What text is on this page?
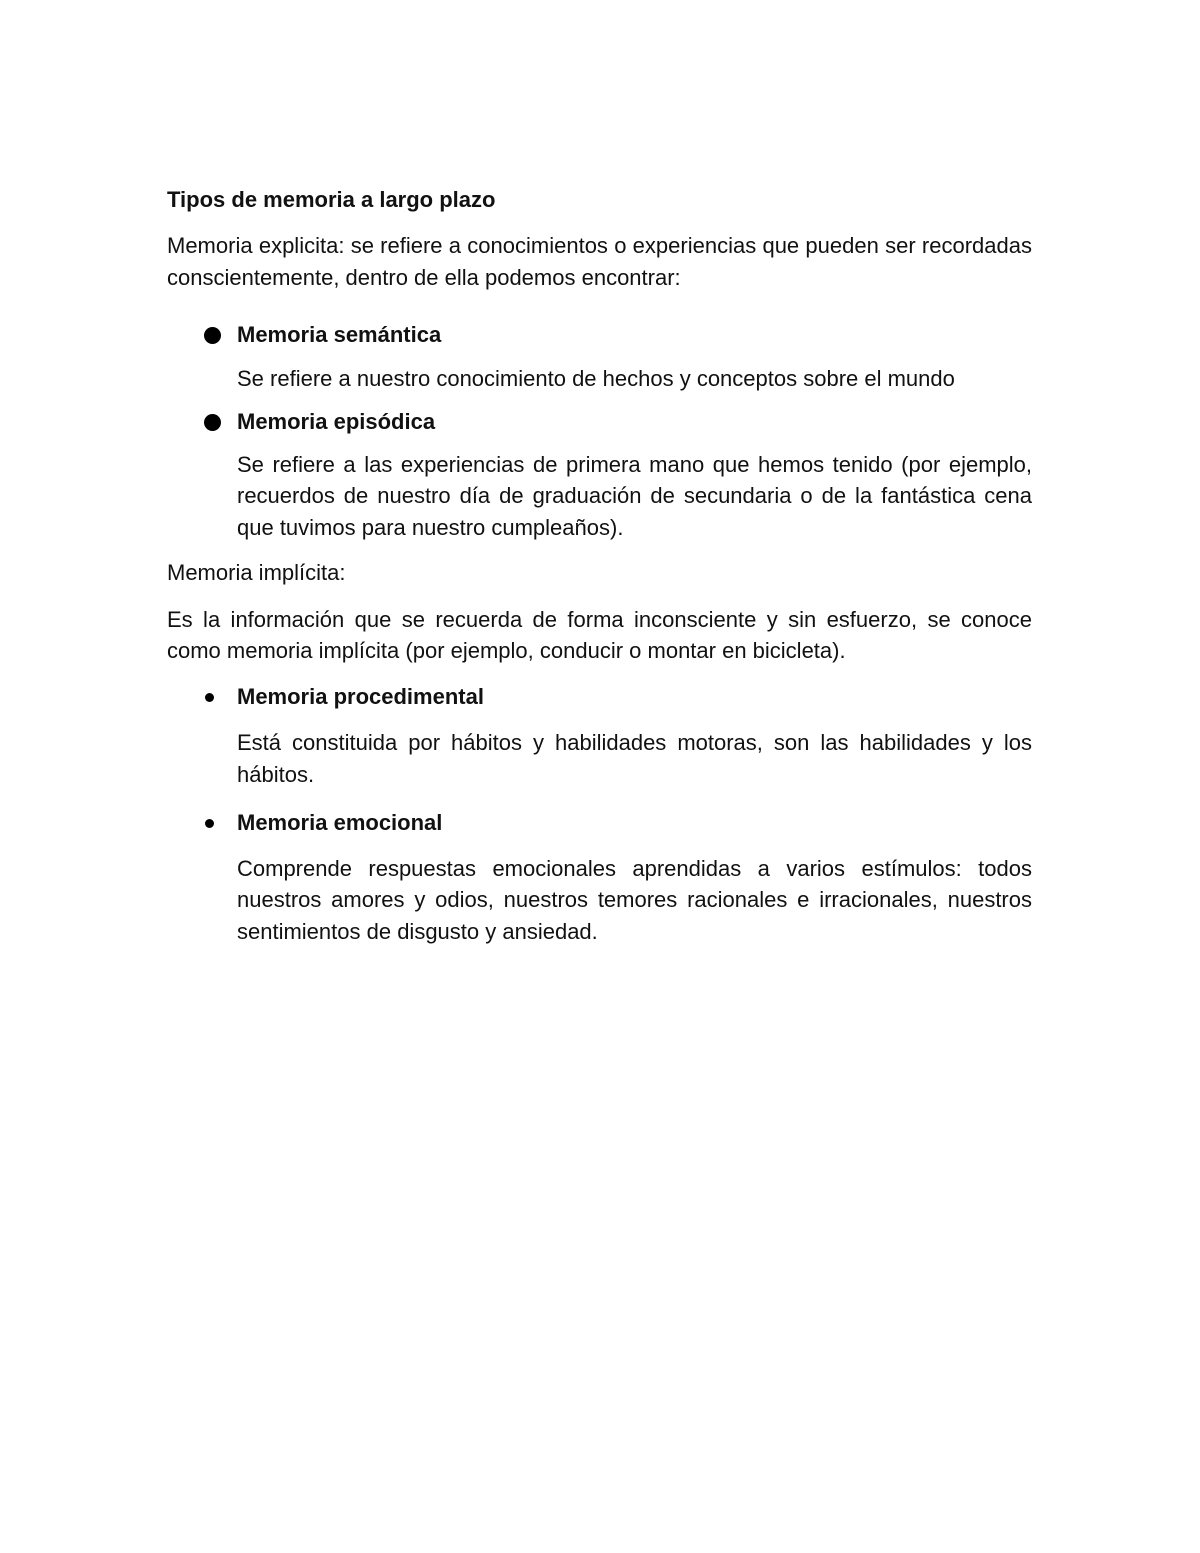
Tipos de memoria a largo plazo

Memoria explicita: se refiere a conocimientos o experiencias que pueden ser recordadas conscientemente, dentro de ella podemos encontrar:

Memoria semántica
Se refiere a nuestro conocimiento de hechos y conceptos sobre el mundo
Memoria episódica
Se refiere a las experiencias de primera mano que hemos tenido (por ejemplo, recuerdos de nuestro día de graduación de secundaria o de la fantástica cena que tuvimos para nuestro cumpleaños).

Memoria implícita:

Es la información que se recuerda de forma inconsciente y sin esfuerzo, se conoce como memoria implícita (por ejemplo, conducir o montar en bicicleta).

Memoria procedimental
Está constituida por hábitos y habilidades motoras, son las habilidades y los hábitos.
Memoria emocional
Comprende respuestas emocionales aprendidas a varios estímulos: todos nuestros amores y odios, nuestros temores racionales e irracionales, nuestros sentimientos de disgusto y ansiedad.
